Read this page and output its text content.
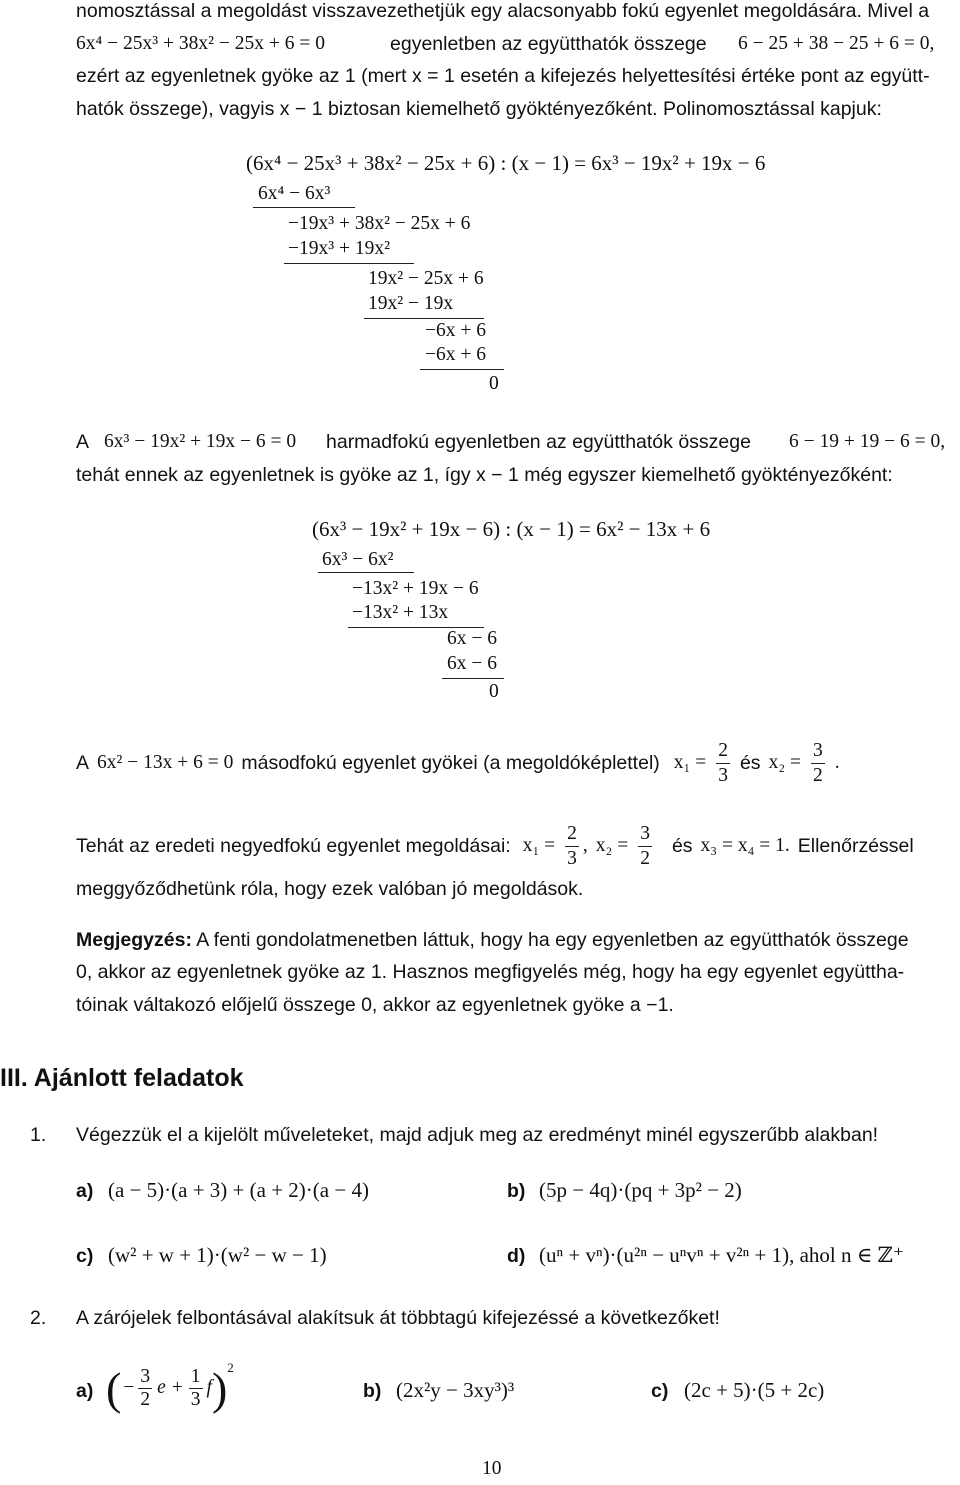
nomosztással a megoldást visszavezethetjük egy alacsonyabb fokú egyenlet megoldására. Mivel a
6x⁴ − 25x³ + 38x² − 25x + 6 = 0	egyenletben az együtthatók összege 6 − 25 + 38 − 25 + 6 = 0,
ezért az egyenletnek gyöke az 1 (mert x = 1 esetén a kifejezés helyettesítési értéke pont az együtt-
hatók összege), vagyis x − 1 biztosan kiemelhető gyöktényezőként. Polinomosztással kapjuk:
(6x⁴ − 25x³ + 38x² − 25x + 6) : (x − 1) = 6x³ − 19x² + 19x − 6
6x⁴ − 6x³
−19x³ + 38x² − 25x + 6
−19x³ + 19x²
19x² − 25x + 6
19x² − 19x
−6x + 6
−6x + 6
0
A 6x³ − 19x² + 19x − 6 = 0 harmadfokú egyenletben az együtthatók összege 6 − 19 + 19 − 6 = 0,
tehát ennek az egyenletnek is gyöke az 1, így x − 1 még egyszer kiemelhető gyöktényezőként:
(6x³ − 19x² + 19x − 6) : (x − 1) = 6x² − 13x + 6
6x³ − 6x²
−13x² + 19x − 6
−13x² + 13x
6x − 6
6x − 6
0
A 6x² − 13x + 6 = 0 másodfokú egyenlet gyökei (a megoldóképlettel) $x_1 = \frac{2}{3}$ és $x_2 = \frac{3}{2}$ .
Tehát az eredeti negyedfokú egyenlet megoldásai: $x_1 = \frac{2}{3}$ , $x_2 = \frac{3}{2}$ és x₃ = x₄ = 1. Ellenőrzéssel
meggyőződhetünk róla, hogy ezek valóban jó megoldások.
Megjegyzés: A fenti gondolatmenetben láttuk, hogy ha egy egyenletben az együtthatók összege
0, akkor az egyenletnek gyöke az 1. Hasznos megfigyelés még, hogy ha egy egyenlet együttha-
tóinak váltakozó előjelű összege 0, akkor az egyenletnek gyöke a −1.
III. Ajánlott feladatok
1. Végezzük el a kijelölt műveleteket, majd adjuk meg az eredményt minél egyszerűbb alakban!
a) (a − 5)·(a + 3) + (a + 2)·(a − 4)	b) (5p − 4q)·(pq + 3p² − 2)
c) (w² + w + 1)·(w² − w − 1)	d) (uⁿ + vⁿ)·(u²ⁿ − uⁿvⁿ + v²ⁿ + 1), ahol n ∈ ℤ⁺
2. A zárójelek felbontásával alakítsuk át többtagú kifejezéssé a következőket!
a) ( − $\frac{3}{2}$ $e + \frac{1}{3}$ f ) 2
b) (2x²y − 3xy³)³	c) (2c + 5)·(5 + 2c)
10
